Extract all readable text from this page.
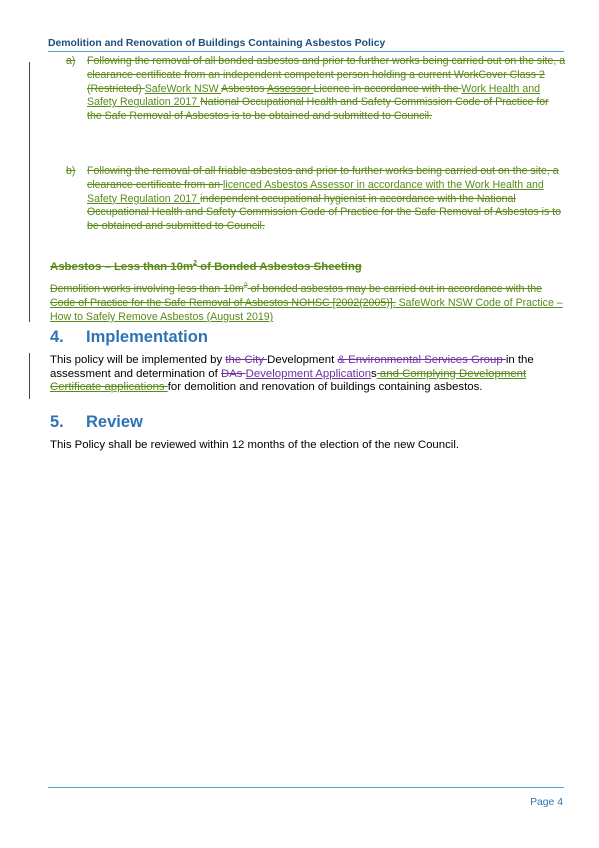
Demolition and Renovation of Buildings Containing Asbestos Policy
a) Following the removal of all bonded asbestos and prior to further works being carried out on the site, a clearance certificate from an independent competent person holding a current WorkCover Class 2 (Restricted) SafeWork NSW Asbestos Assessor Licence in accordance with the Work Health and Safety Regulation 2017 National Occupational Health and Safety Commission Code of Practice for the Safe Removal of Asbestos is to be obtained and submitted to Council.
b) Following the removal of all friable asbestos and prior to further works being carried out on the site, a clearance certificate from an licenced Asbestos Assessor in accordance with the Work Health and Safety Regulation 2017 independent occupational hygienist in accordance with the National Occupational Health and Safety Commission Code of Practice for the Safe Removal of Asbestos is to be obtained and submitted to Council.
Asbestos – Less than $10m^2$ of Bonded Asbestos Sheeting
Demolition works involving less than $10m^2$ of bonded asbestos may be carried out in accordance with the Code of Practice for the Safe Removal of Asbestos NOHSC [2002(2005)]. SafeWork NSW Code of Practice – How to Safely Remove Asbestos (August 2019)
4. Implementation
This policy will be implemented by the City Development & Environmental Services Group in the assessment and determination of DAs Development Applications and Complying Development Certificate applications for demolition and renovation of buildings containing asbestos.
5. Review
This Policy shall be reviewed within 12 months of the election of the new Council.
Page 4
